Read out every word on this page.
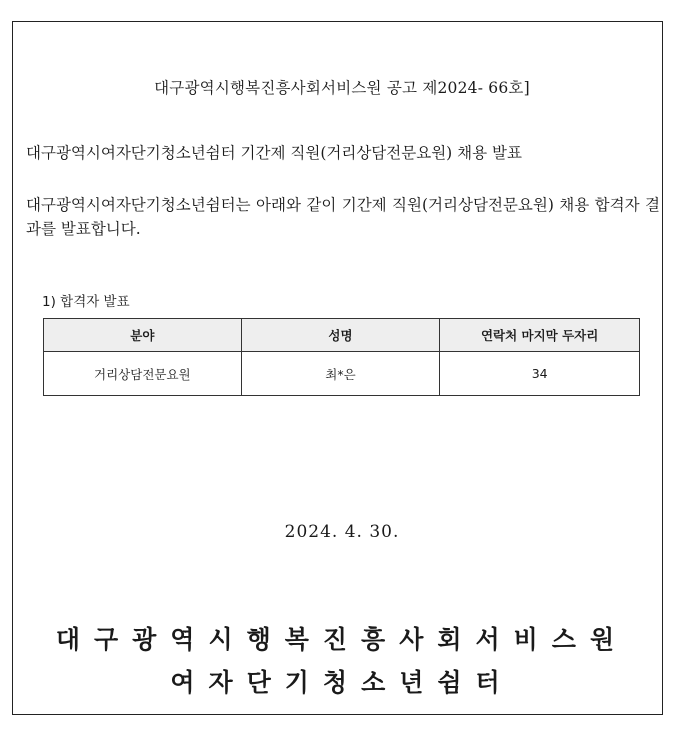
대구광역시행복진흥사회서비스원 공고 제2024- 66호]
대구광역시여자단기청소년쉼터 기간제 직원(거리상담전문요원) 채용 발표
대구광역시여자단기청소년쉼터는 아래와 같이 기간제 직원(거리상담전문요원) 채용 합격자 결과를 발표합니다.
1) 합격자 발표
분야	성명	연락처 마지막 두자리
거리상담전문요원	최*은	34
2024. 4. 30.
대구광역시행복진흥사회서비스원
여자단기청소년쉼터
